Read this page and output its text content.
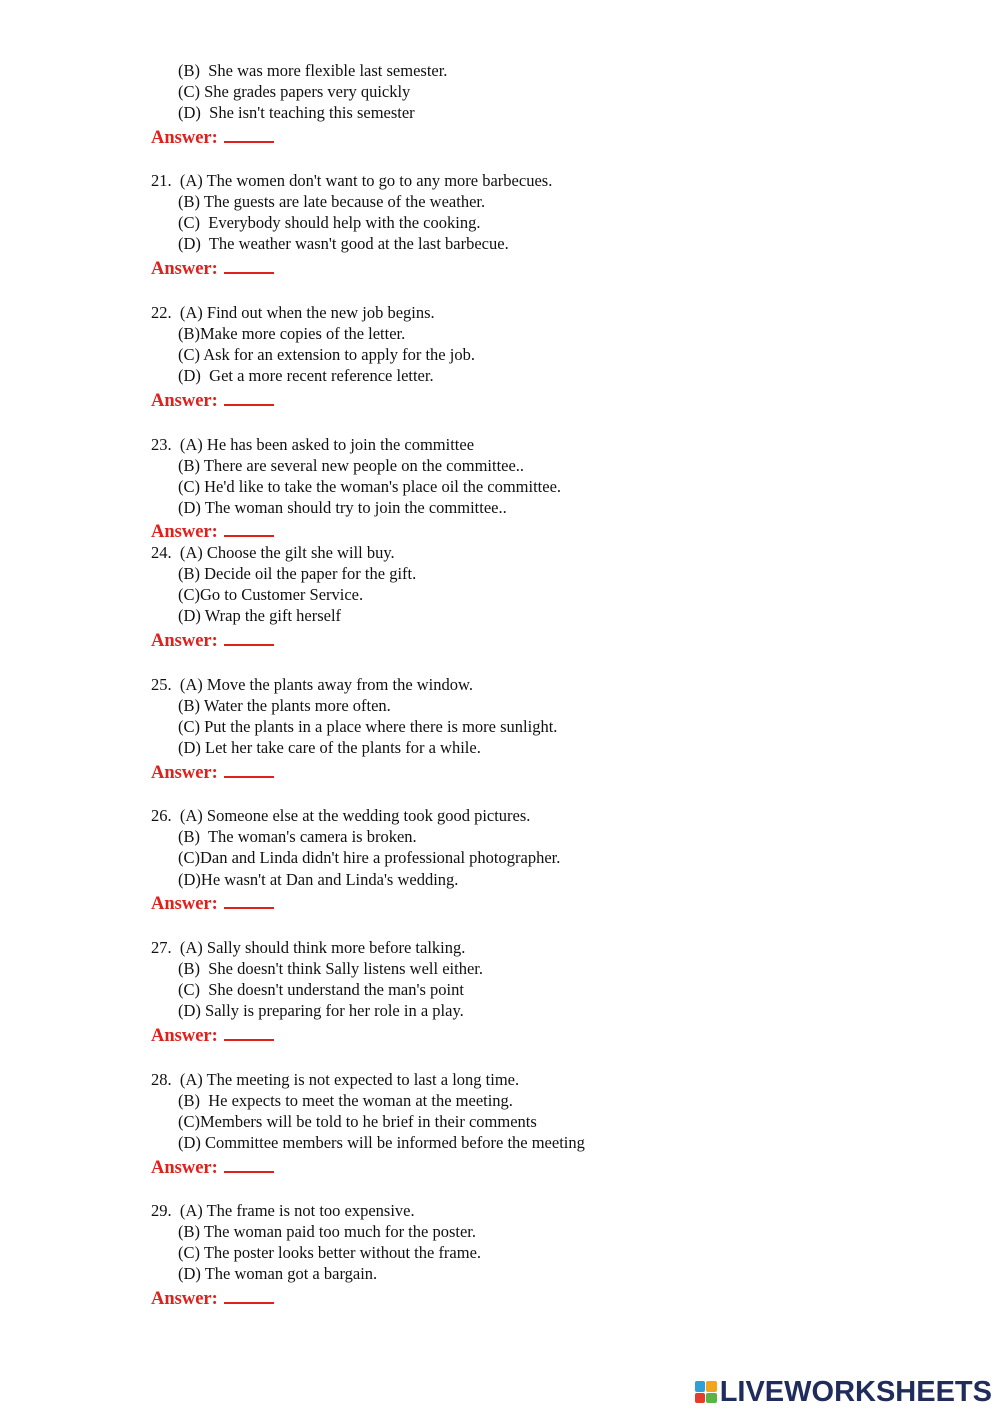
(B)  She was more flexible last semester.
(C) She grades papers very quickly
(D)  She isn't teaching this semester
Answer:
21.  (A) The women don't want to go to any more barbecues.
(B) The guests are late because of the weather.
(C)  Everybody should help with the cooking.
(D)  The weather wasn't good at the last barbecue.
Answer:
22.  (A) Find out when the new job begins.
(B)Make more copies of the letter.
(C) Ask for an extension to apply for the job.
(D)  Get a more recent reference letter.
Answer:
23.  (A) He has been asked to join the committee
(B) There are several new people on the committee..
(C) He'd like to take the woman's place oil the committee.
(D) The woman should try to join the committee..
Answer:
24.  (A) Choose the gilt she will buy.
(B) Decide oil the paper for the gift.
(C)Go to Customer Service.
(D) Wrap the gift herself
Answer:
25.  (A) Move the plants away from the window.
(B) Water the plants more often.
(C) Put the plants in a place where there is more sunlight.
(D) Let her take care of the plants for a while.
Answer:
26.  (A) Someone else at the wedding took good pictures.
(B)  The woman's camera is broken.
(C)Dan and Linda didn't hire a professional photographer.
(D)He wasn't at Dan and Linda's wedding.
Answer:
27.  (A) Sally should think more before talking.
(B)  She doesn't think Sally listens well either.
(C)  She doesn't understand the man's point
(D) Sally is preparing for her role in a play.
Answer:
28.  (A) The meeting is not expected to last a long time.
(B)  He expects to meet the woman at the meeting.
(C)Members will be told to he brief in their comments
(D) Committee members will be informed before the meeting
Answer:
29.  (A) The frame is not too expensive.
(B) The woman paid too much for the poster.
(C) The poster looks better without the frame.
(D) The woman got a bargain.
Answer:
LIVEWORKSHEETS
